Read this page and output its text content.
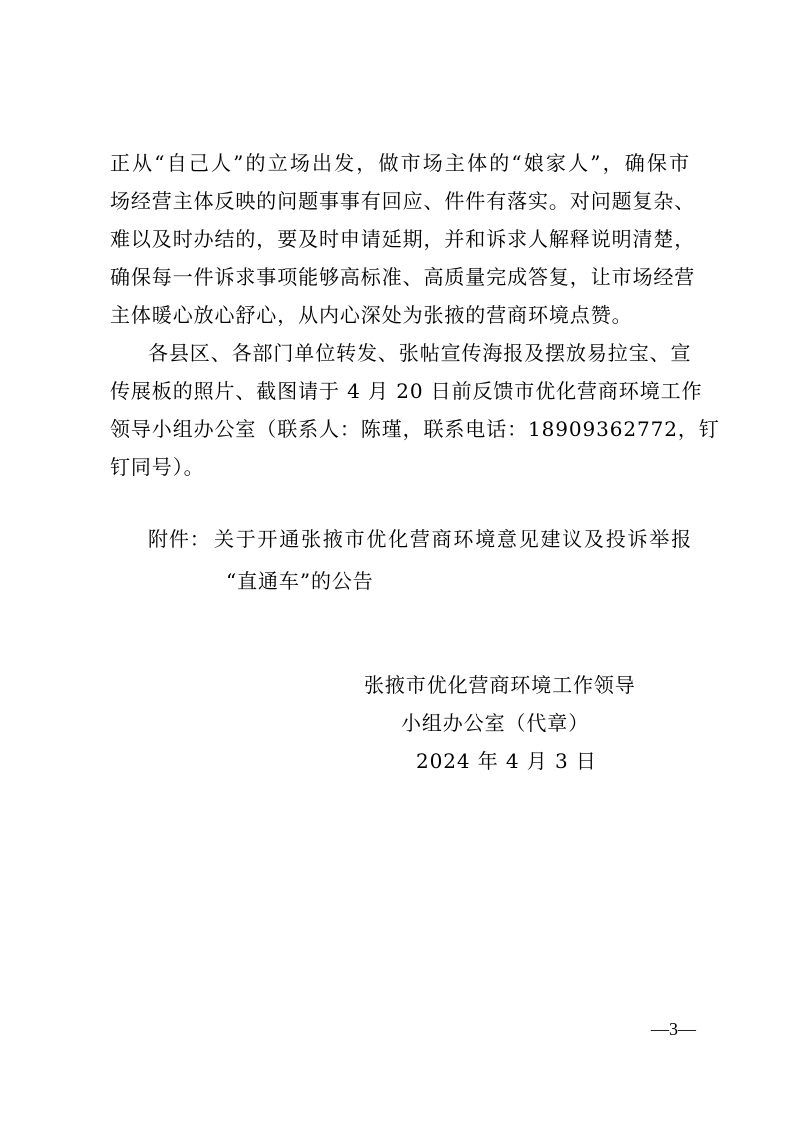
正从“自己人”的立场出发，做市场主体的“娘家人”，确保市
场经营主体反映的问题事事有回应、件件有落实。对问题复杂、
难以及时办结的，要及时申请延期，并和诉求人解释说明清楚，
确保每一件诉求事项能够高标准、高质量完成答复，让市场经营
主体暖心放心舒心，从内心深处为张掖的营商环境点赞。
各县区、各部门单位转发、张帖宣传海报及摆放易拉宝、宣
传展板的照片、截图请于 4 月 20 日前反馈市优化营商环境工作
领导小组办公室（联系人：陈瑾，联系电话：18909362772，钉
钉同号）。
附件： 关于开通张掖市优化营商环境意见建议及投诉举报
“直通车”的公告
张掖市优化营商环境工作领导
小组办公室（代章）
2024 年 4 月 3 日
—3—
